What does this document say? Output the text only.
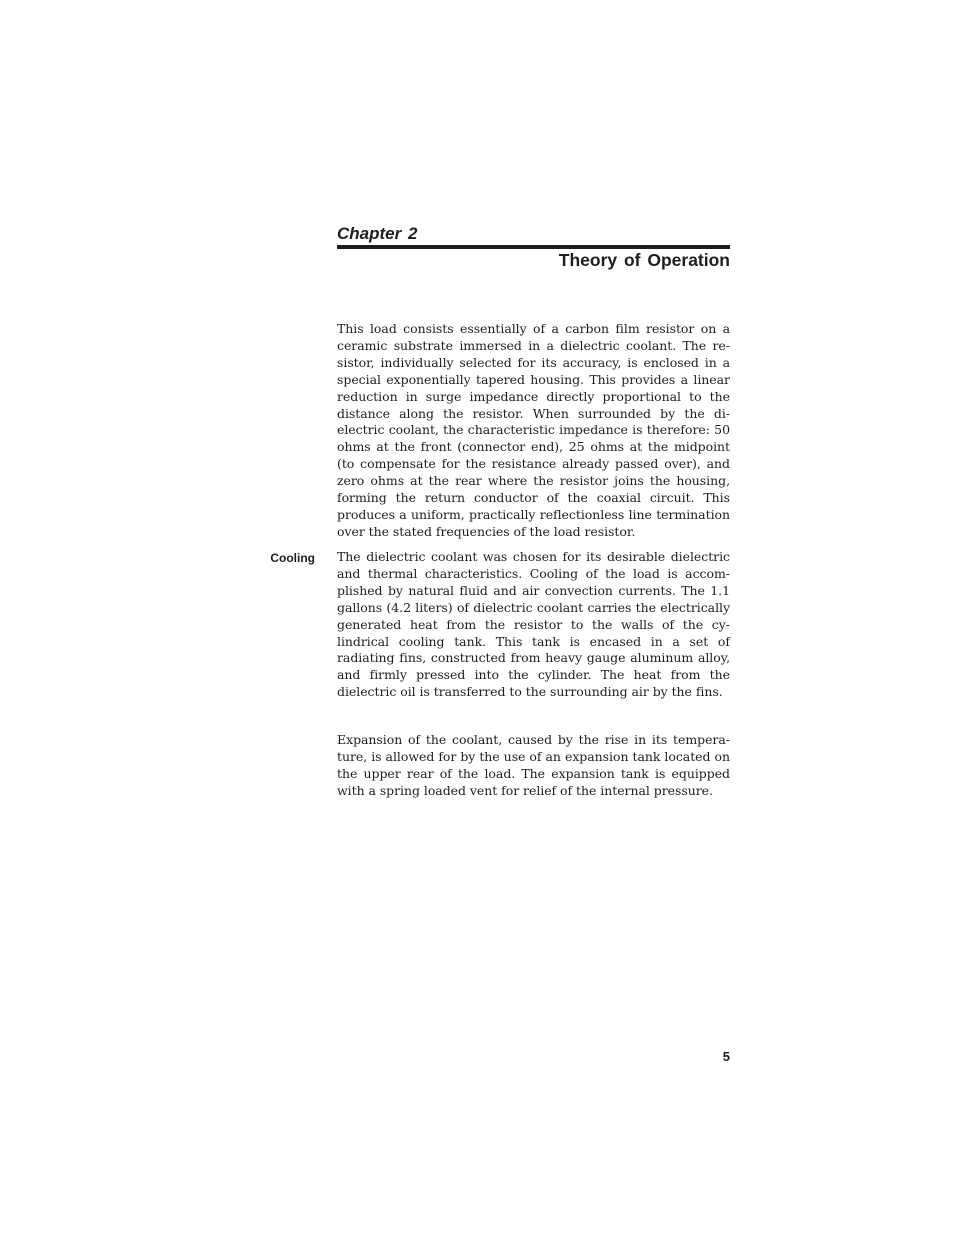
Chapter 2
Theory of Operation

This load consists essentially of a carbon film resistor on a ceramic substrate immersed in a dielectric coolant. The resistor, individually selected for its accuracy, is enclosed in a special exponentially tapered housing. This provides a linear reduction in surge impedance directly proportional to the distance along the resistor. When surrounded by the dielectric coolant, the characteristic impedance is therefore: 50 ohms at the front (connector end), 25 ohms at the midpoint (to compensate for the resistance already passed over), and zero ohms at the rear where the resistor joins the housing, forming the return conductor of the coaxial circuit. This produces a uniform, practically reflectionless line termination over the stated frequencies of the load resistor.

Cooling The dielectric coolant was chosen for its desirable dielectric and thermal characteristics. Cooling of the load is accomplished by natural fluid and air convection currents. The 1.1 gallons (4.2 liters) of dielectric coolant carries the electrically generated heat from the resistor to the walls of the cylindrical cooling tank. This tank is encased in a set of radiating fins, constructed from heavy gauge aluminum alloy, and firmly pressed into the cylinder. The heat from the dielectric oil is transferred to the surrounding air by the fins.

Expansion of the coolant, caused by the rise in its temperature, is allowed for by the use of an expansion tank located on the upper rear of the load. The expansion tank is equipped with a spring loaded vent for relief of the internal pressure.

5
